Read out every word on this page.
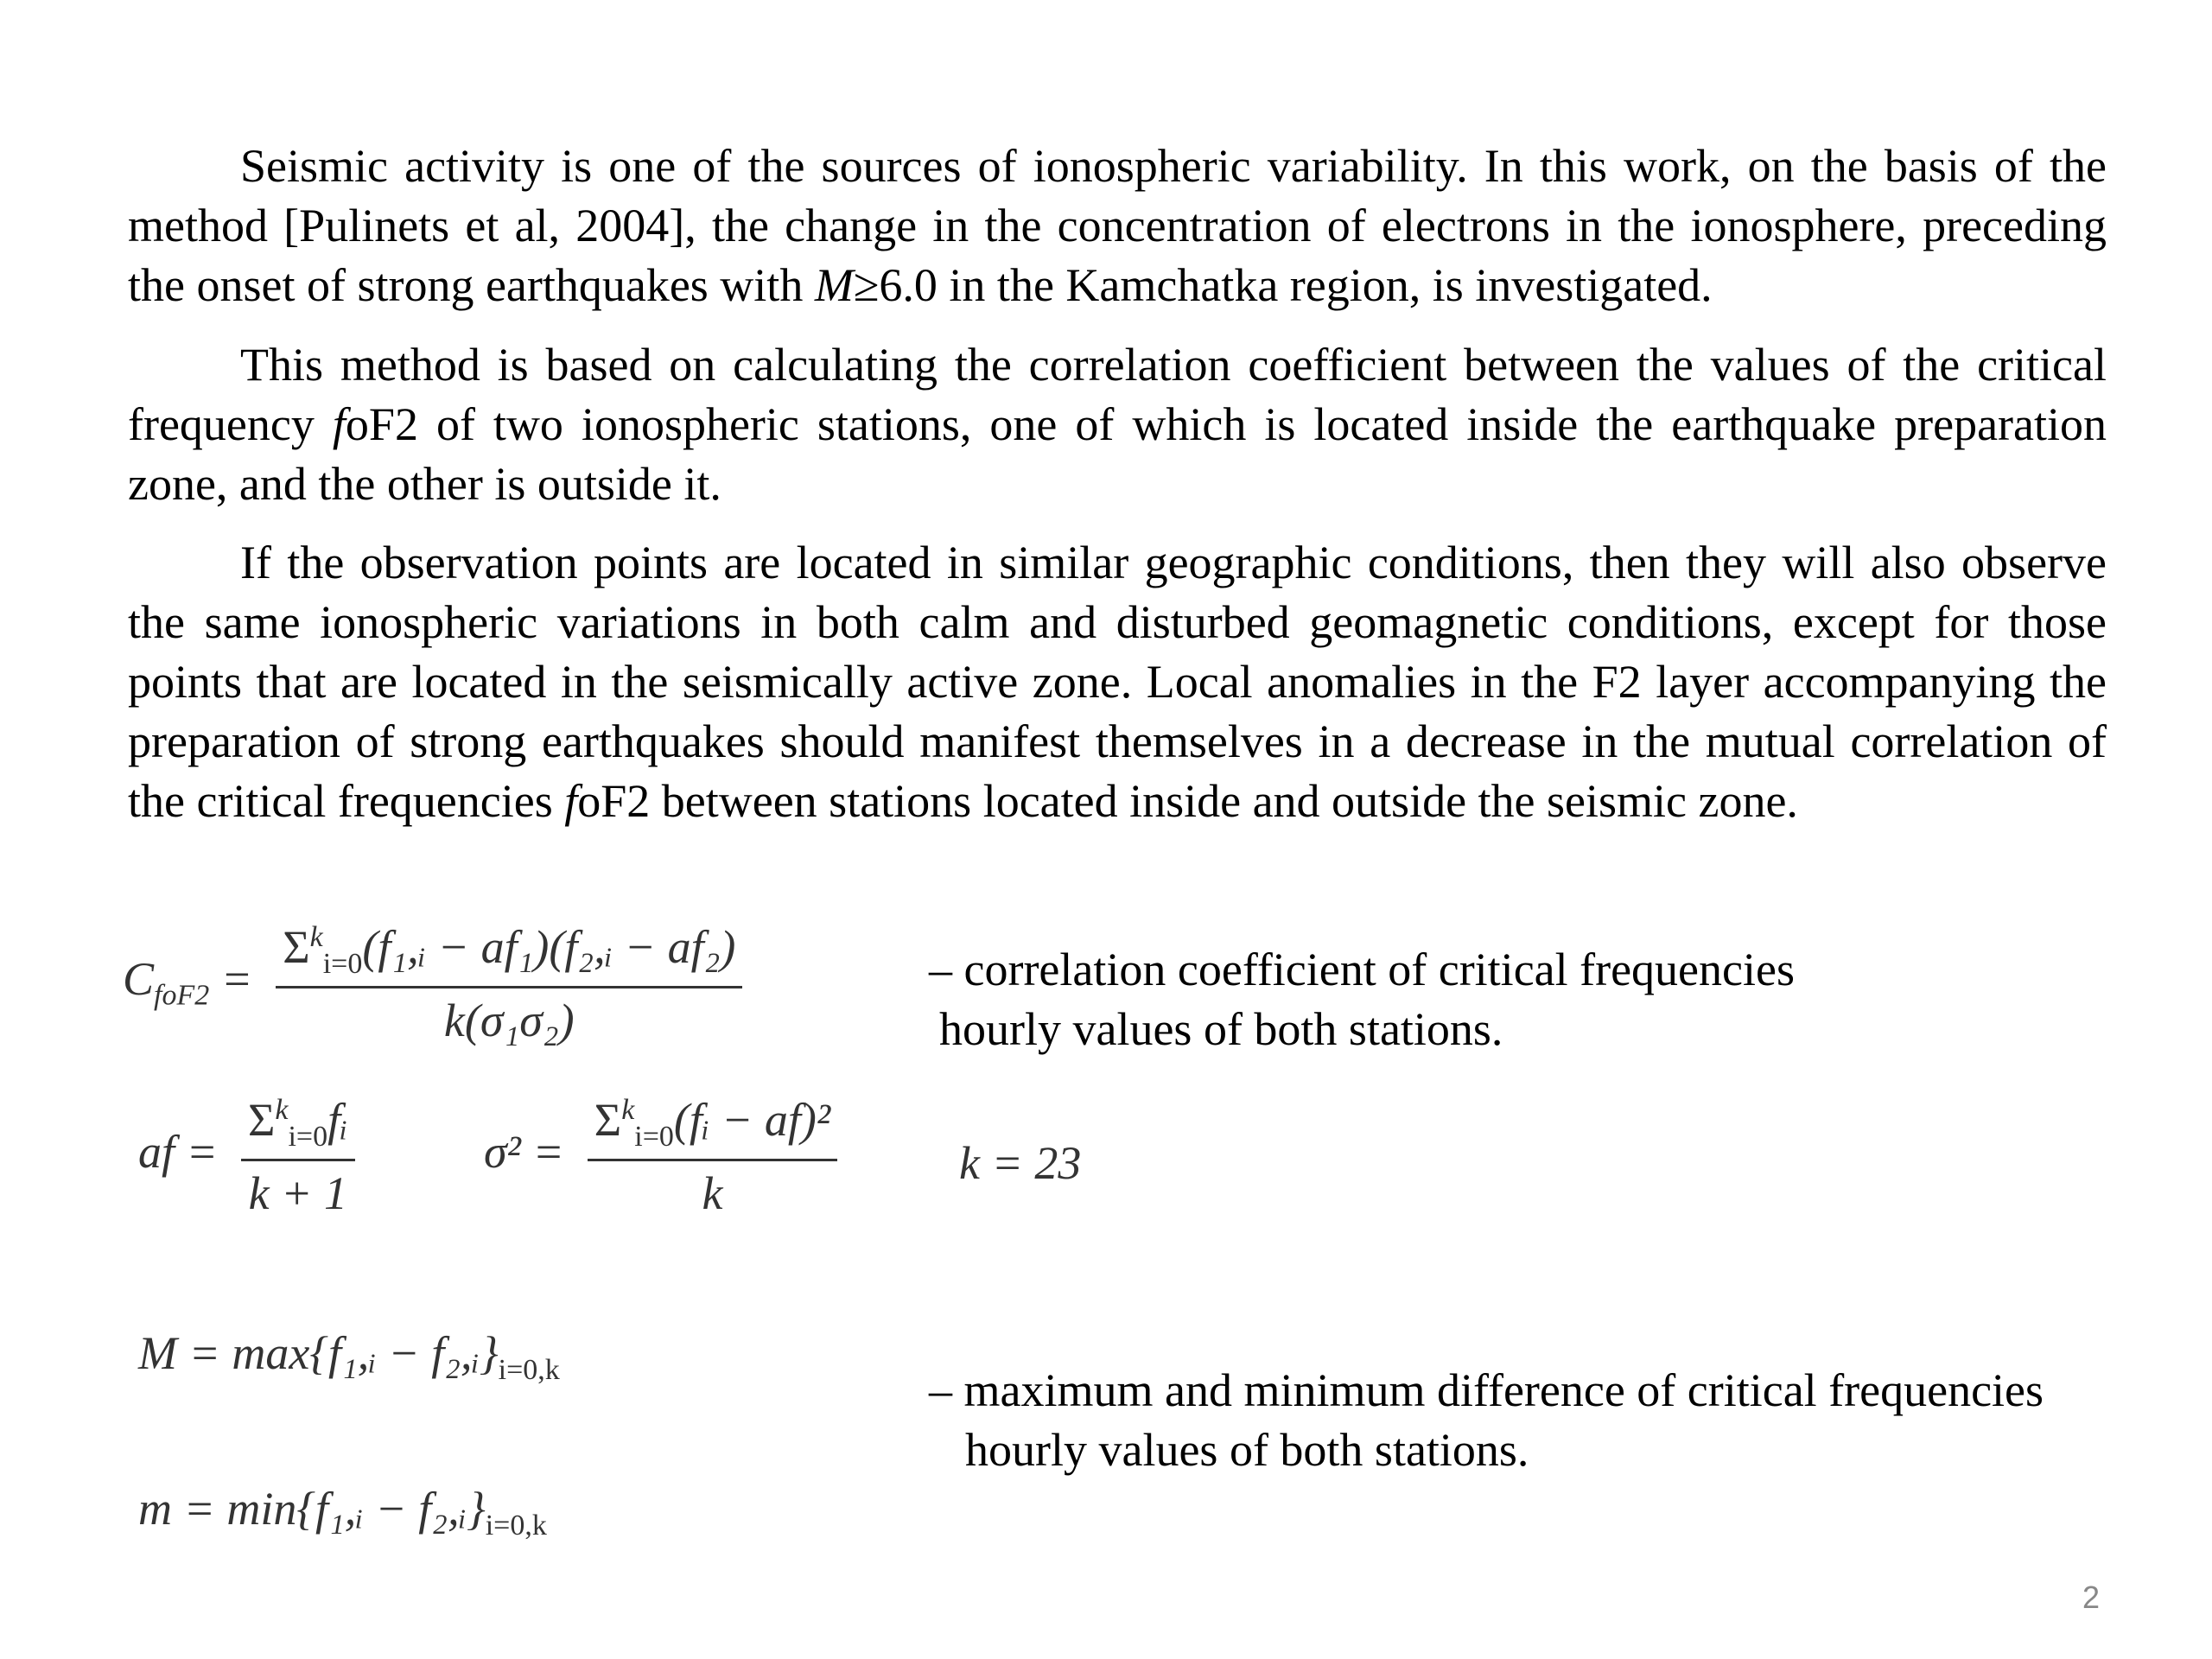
Seismic activity is one of the sources of ionospheric variability. In this work, on the basis of the method [Pulinets et al, 2004], the change in the concentration of electrons in the ionosphere, preceding the onset of strong earthquakes with M≥6.0 in the Kamchatka region, is investigated.

This method is based on calculating the correlation coefficient between the values of the critical frequency foF2 of two ionospheric stations, one of which is located inside the earthquake preparation zone, and the other is outside it.

If the observation points are located in similar geographic conditions, then they will also observe the same ionospheric variations in both calm and disturbed geomagnetic conditions, except for those points that are located in the seismically active zone. Local anomalies in the F2 layer accompanying the preparation of strong earthquakes should manifest themselves in a decrease in the mutual correlation of the critical frequencies foF2 between stations located inside and outside the seismic zone.

$C_{foF2} = \frac{\Sigma^k_{i=0}(f_1,ᵢ - af_1)(f_2,ᵢ - af_2)}{\text{k(σ₁σ₂)}}$	– correlation coefficient of critical frequencies
hourly values of both stations.

af = $\frac{\Sigma^k_{i=0}fᵢ}{k + 1}$	$\sigma^2 = \frac{\Sigma^k_{i=0}(fᵢ - af)^2}{k}$	k = 23
M = max{f₁,ᵢ − $f_2,ᵢ\}_{i=0,k}$	– maximum and minimum difference of critical frequencies
hourly values of both stations.

m = min{f₁,ᵢ − $f_2,ᵢ\}_{i=0,k}$
2
